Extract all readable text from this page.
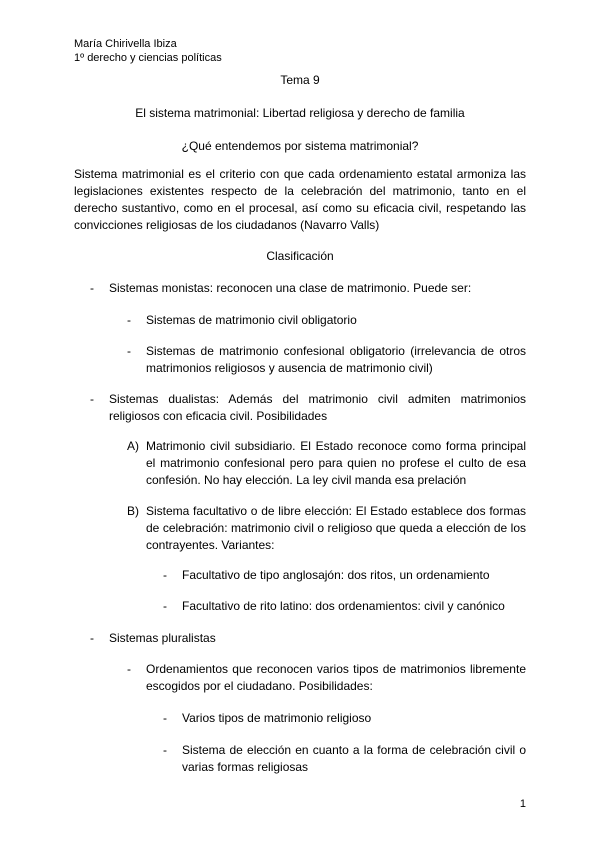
María Chirivella Ibiza
1º derecho y ciencias políticas
Tema 9
El sistema matrimonial: Libertad religiosa y derecho de familia
¿Qué entendemos por sistema matrimonial?
Sistema matrimonial es el criterio con que cada ordenamiento estatal armoniza las legislaciones existentes respecto de la celebración del matrimonio, tanto en el derecho sustantivo, como en el procesal, así como su eficacia civil, respetando las convicciones religiosas de los ciudadanos (Navarro Valls)
Clasificación
- Sistemas monistas: reconocen una clase de matrimonio. Puede ser:
- Sistemas de matrimonio civil obligatorio
- Sistemas de matrimonio confesional obligatorio (irrelevancia de otros matrimonios religiosos y ausencia de matrimonio civil)
- Sistemas dualistas: Además del matrimonio civil admiten matrimonios religiosos con eficacia civil. Posibilidades
A) Matrimonio civil subsidiario. El Estado reconoce como forma principal el matrimonio confesional pero para quien no profese el culto de esa confesión. No hay elección. La ley civil manda esa prelación
B) Sistema facultativo o de libre elección: El Estado establece dos formas de celebración: matrimonio civil o religioso que queda a elección de los contrayentes. Variantes:
- Facultativo de tipo anglosajón: dos ritos, un ordenamiento
- Facultativo de rito latino: dos ordenamientos: civil y canónico
- Sistemas pluralistas
- Ordenamientos que reconocen varios tipos de matrimonios libremente escogidos por el ciudadano. Posibilidades:
- Varios tipos de matrimonio religioso
- Sistema de elección en cuanto a la forma de celebración civil o varias formas religiosas
1
